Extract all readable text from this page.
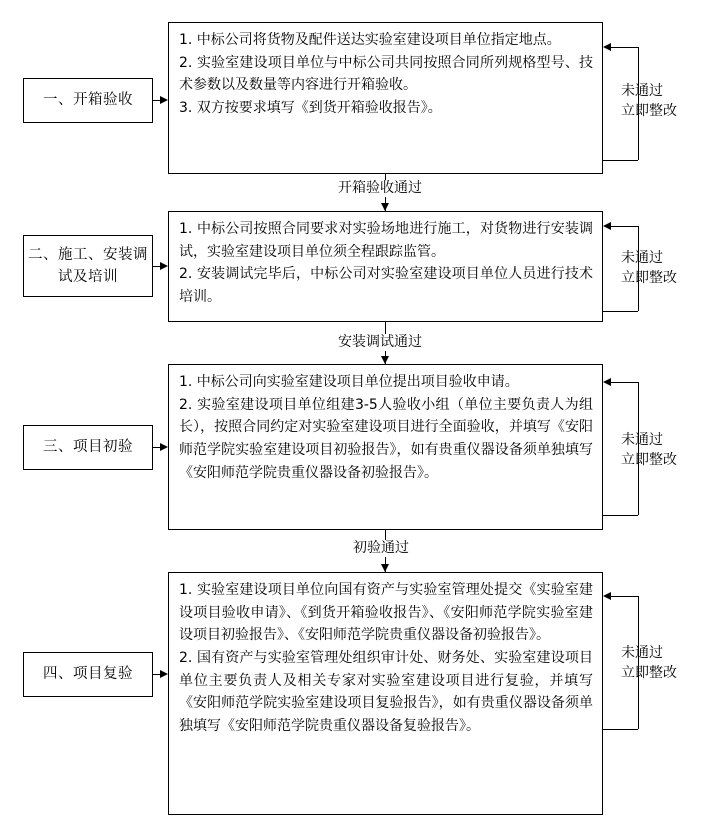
一、开箱验收

1. 中标公司将货物及配件送达实验室建设项目单位指定地点。

2. 实验室建设项目单位与中标公司共同按照合同所列规格型号、技术参数以及数量等内容进行开箱验收。

3. 双方按要求填写《到货开箱验收报告》。

未通过
立即整改
开箱验收通过
二、施工、安装调试及培训

1. 中标公司按照合同要求对实验场地进行施工，对货物进行安装调试，实验室建设项目单位须全程跟踪监管。

2. 安装调试完毕后，中标公司对实验室建设项目单位人员进行技术培训。

未通过
立即整改
安装调试通过
三、项目初验

1. 中标公司向实验室建设项目单位提出项目验收申请。

2. 实验室建设项目单位组建3-5人验收小组（单位主要负责人为组长），按照合同约定对实验室建设项目进行全面验收，并填写《安阳师范学院实验室建设项目初验报告》，如有贵重仪器设备须单独填写《安阳师范学院贵重仪器设备初验报告》。

未通过
立即整改
初验通过
四、项目复验

1. 实验室建设项目单位向国有资产与实验室管理处提交《实验室建设项目验收申请》、《到货开箱验收报告》、《安阳师范学院实验室建设项目初验报告》、《安阳师范学院贵重仪器设备初验报告》。

2. 国有资产与实验室管理处组织审计处、财务处、实验室建设项目单位主要负责人及相关专家对实验室建设项目进行复验，并填写《安阳师范学院实验室建设项目复验报告》，如有贵重仪器设备须单独填写《安阳师范学院贵重仪器设备复验报告》。

未通过
立即整改
